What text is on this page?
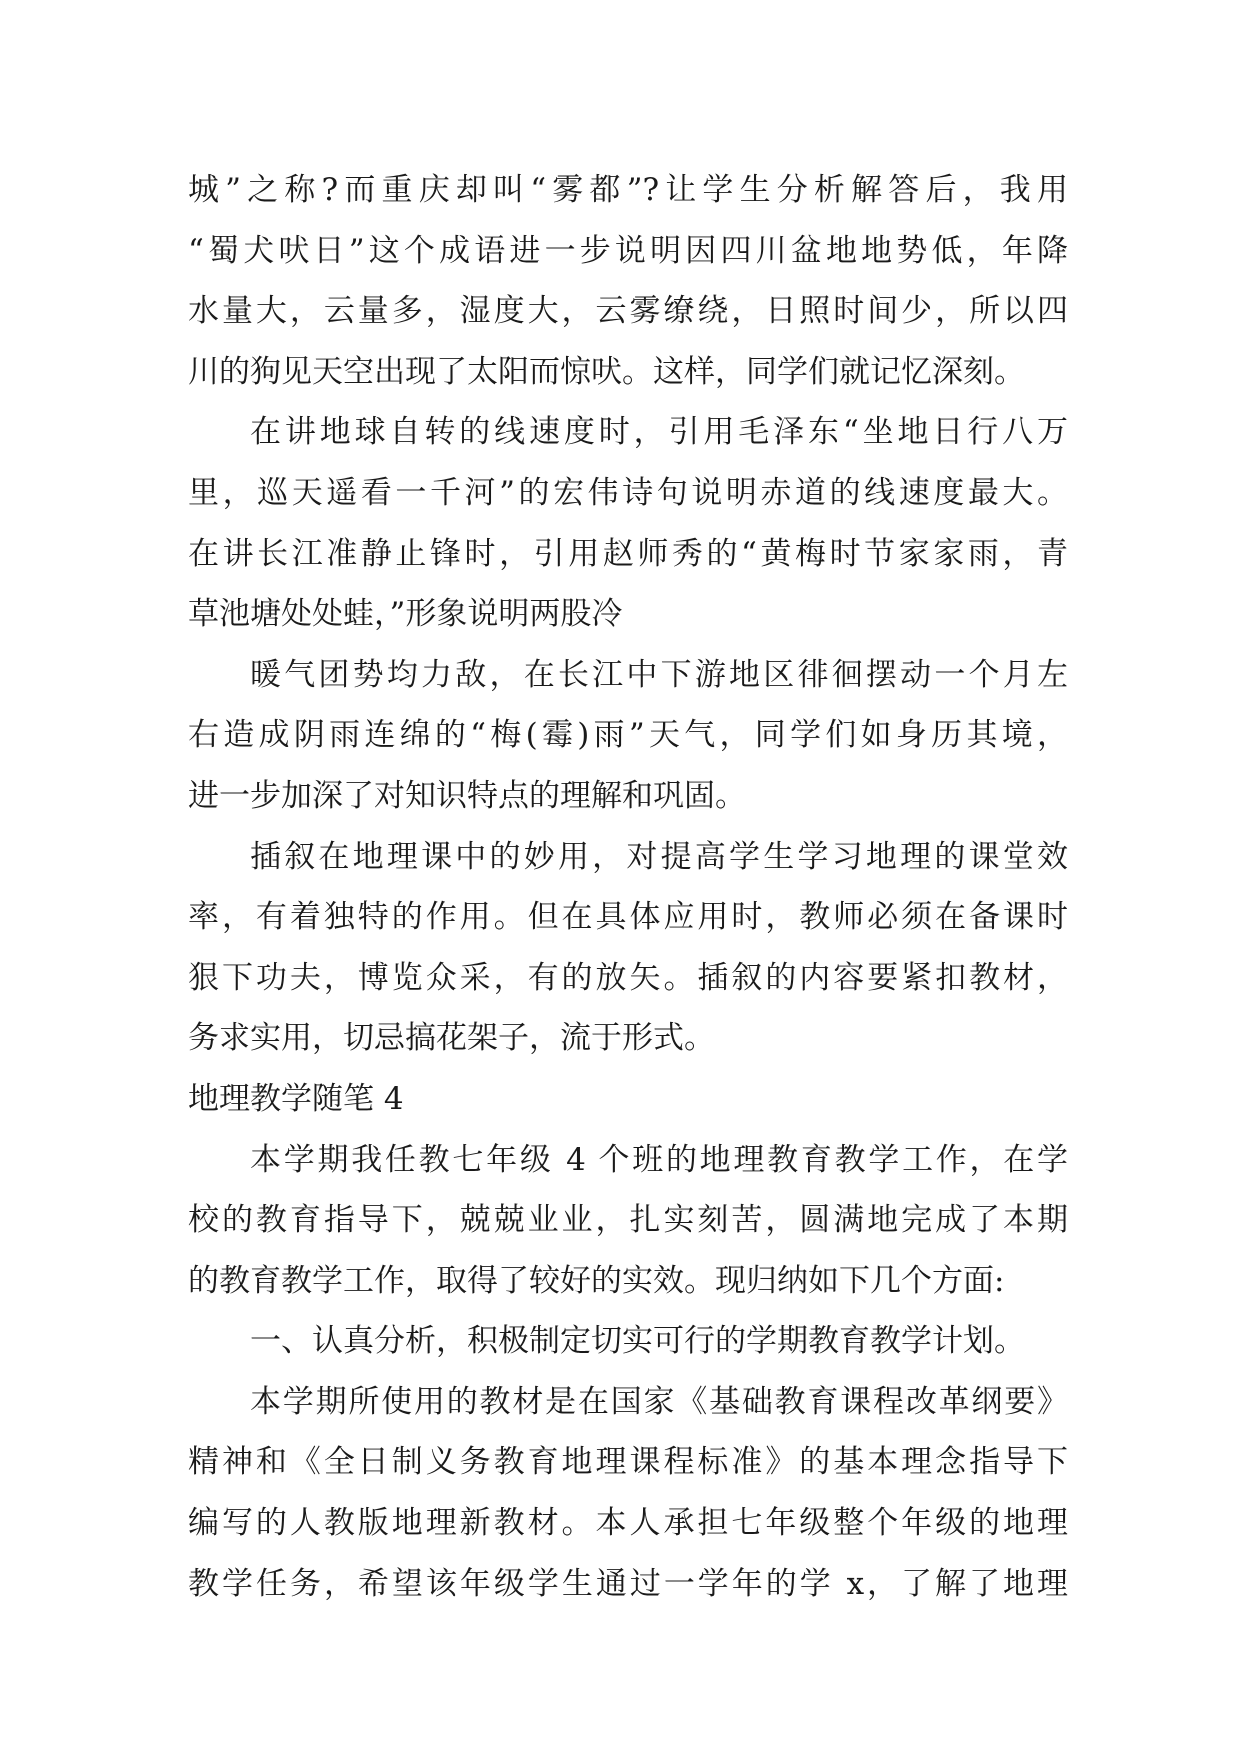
城”之称?而重庆却叫“雾都”?让学生分析解答后，我用
“蜀犬吠日”这个成语进一步说明因四川盆地地势低，年降
水量大，云量多，湿度大，云雾缭绕，日照时间少，所以四
川的狗见天空出现了太阳而惊吠。这样，同学们就记忆深刻。
在讲地球自转的线速度时，引用毛泽东“坐地日行八万
里，巡天遥看一千河”的宏伟诗句说明赤道的线速度最大。
在讲长江准静止锋时，引用赵师秀的“黄梅时节家家雨，青
草池塘处处蛙，”形象说明两股冷
暖气团势均力敌，在长江中下游地区徘徊摆动一个月左
右造成阴雨连绵的“梅(霉)雨”天气，同学们如身历其境，
进一步加深了对知识特点的理解和巩固。
插叙在地理课中的妙用，对提高学生学习地理的课堂效
率，有着独特的作用。但在具体应用时，教师必须在备课时
狠下功夫，博览众采，有的放矢。插叙的内容要紧扣教材，
务求实用，切忌搞花架子，流于形式。
地理教学随笔 4
本学期我任教七年级 4 个班的地理教育教学工作，在学
校的教育指导下，兢兢业业，扎实刻苦，圆满地完成了本期
的教育教学工作，取得了较好的实效。现归纳如下几个方面:
一、认真分析，积极制定切实可行的学期教育教学计划。
本学期所使用的教材是在国家《基础教育课程改革纲要》
精神和《全日制义务教育地理课程标准》的基本理念指导下
编写的人教版地理新教材。本人承担七年级整个年级的地理
教学任务，希望该年级学生通过一学年的学 x，了解了地理
